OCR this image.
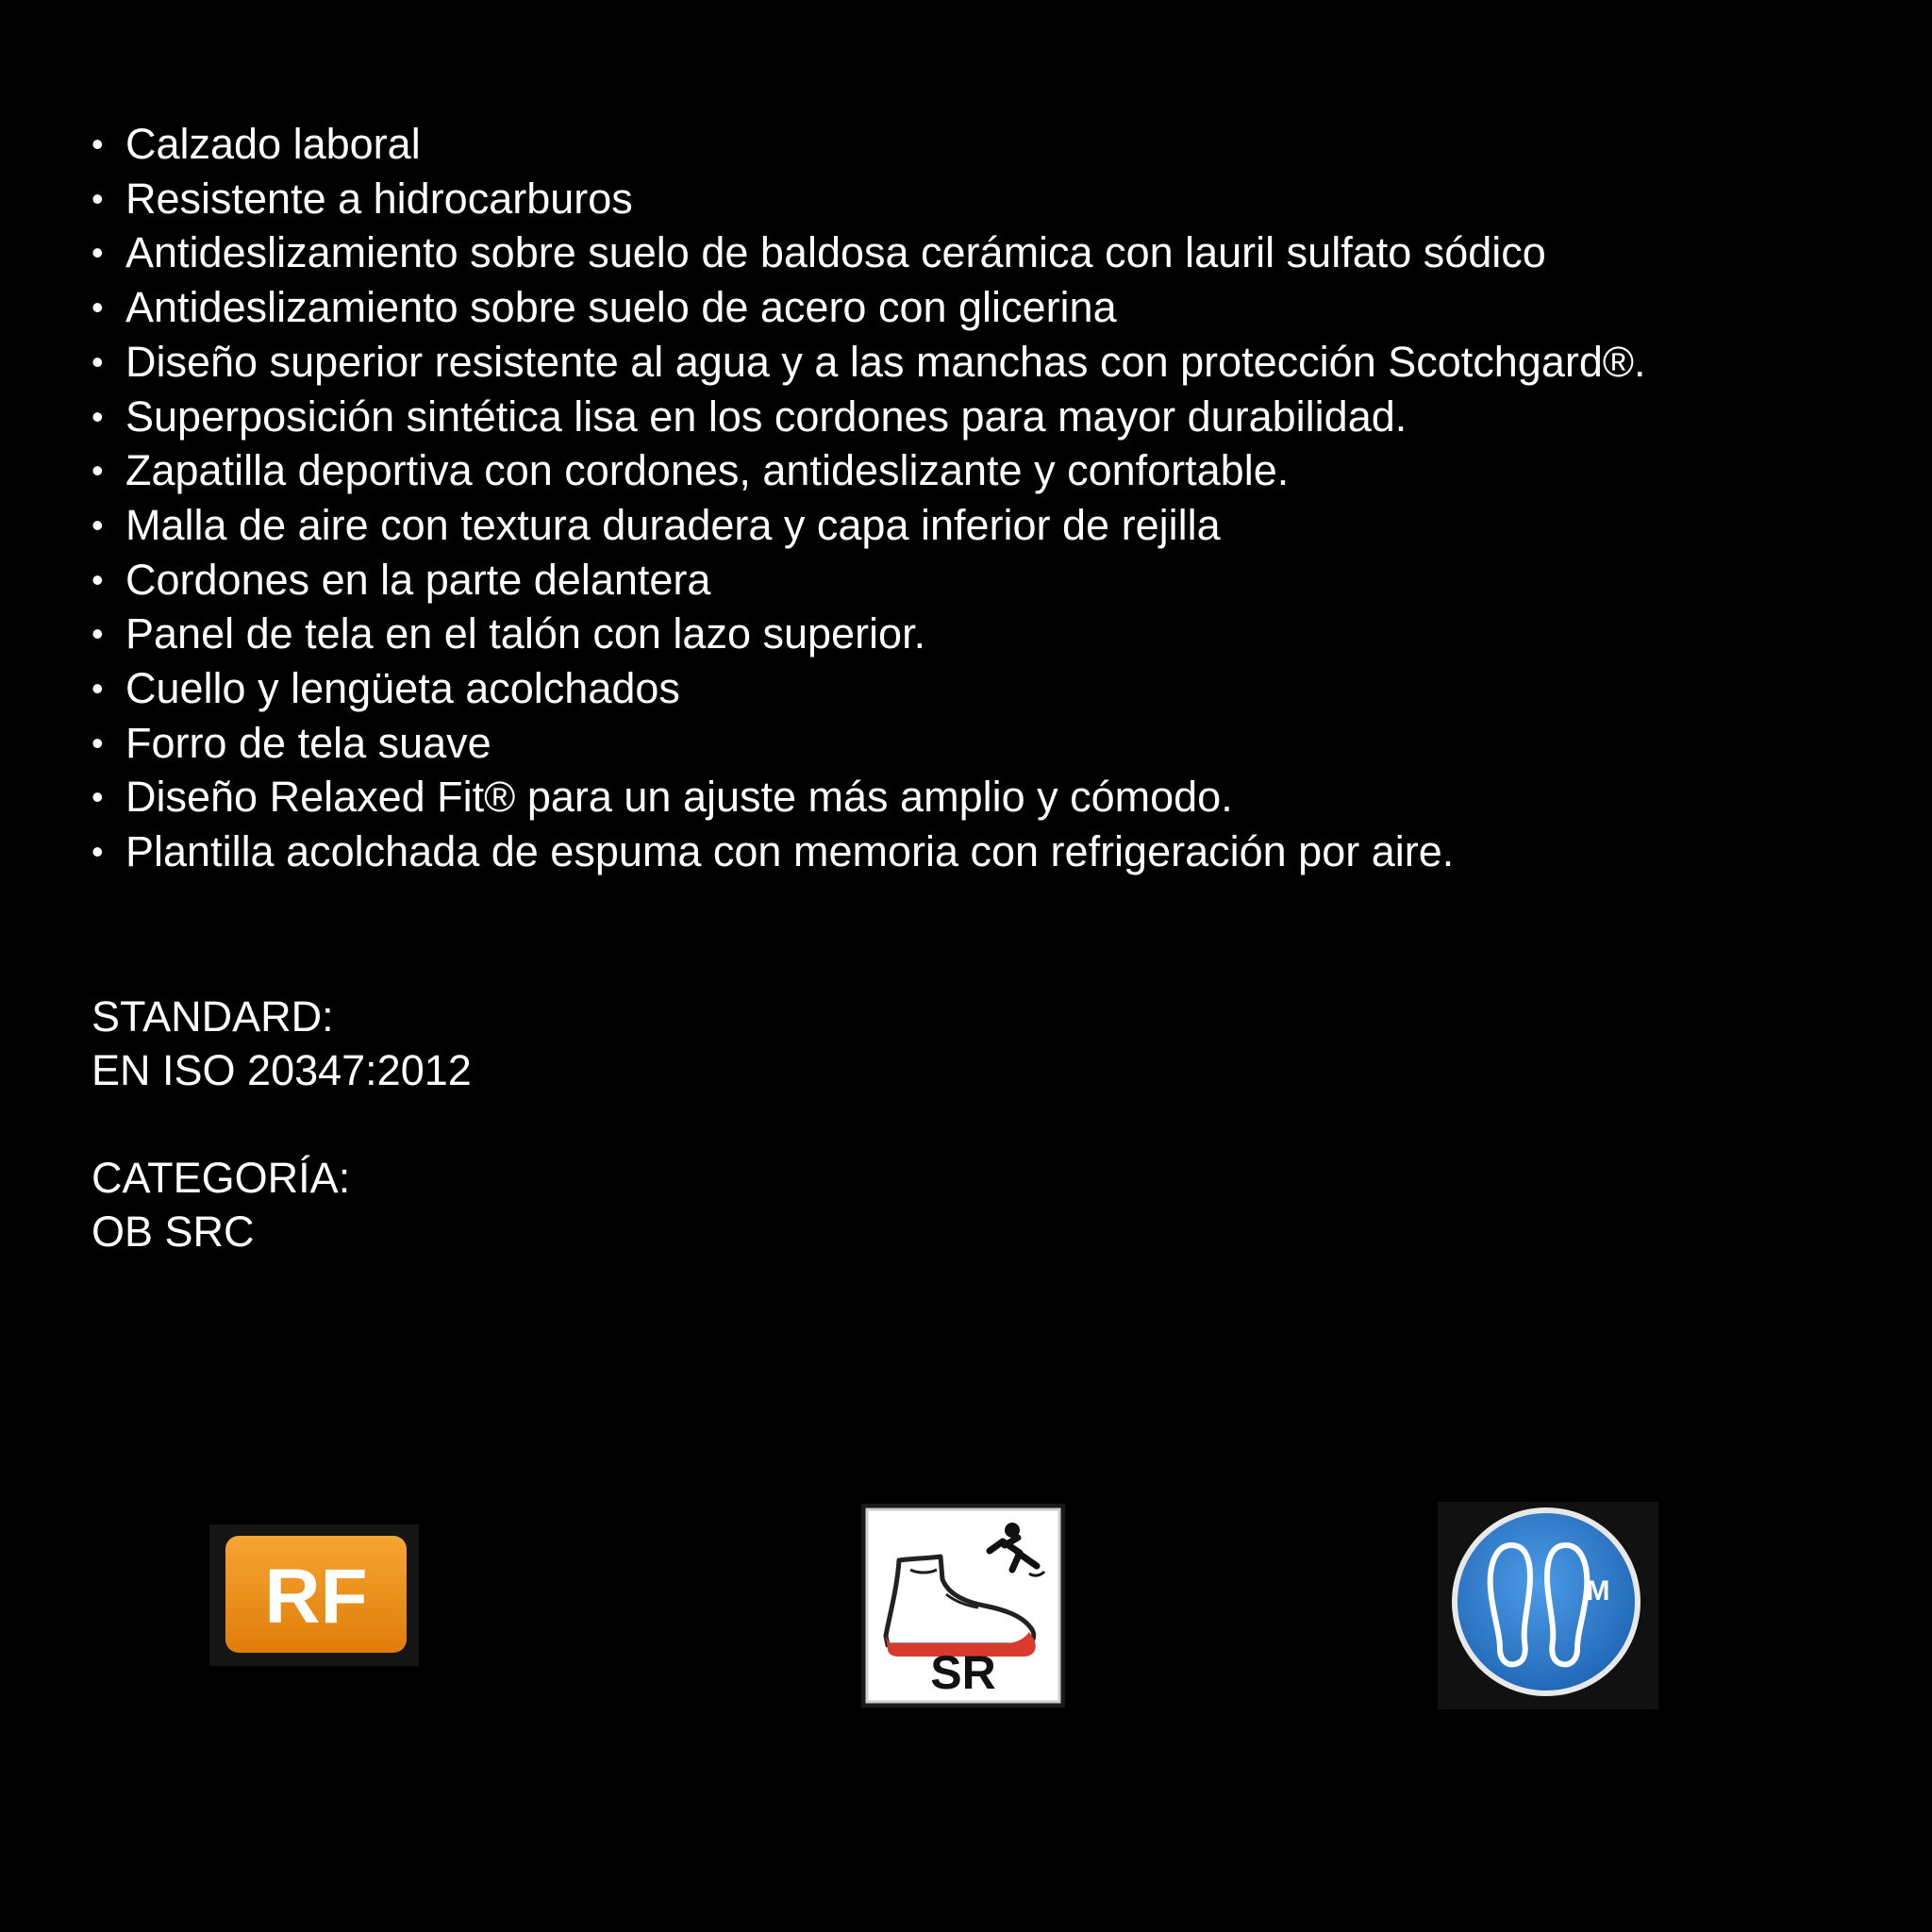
• Calzado laboral
• Resistente a hidrocarburos
• Antideslizamiento sobre suelo de baldosa cerámica con lauril sulfato sódico
• Antideslizamiento sobre suelo de acero con glicerina
• Diseño superior resistente al agua y a las manchas con protección Scotchgard®.
• Superposición sintética lisa en los cordones para mayor durabilidad.
• Zapatilla deportiva con cordones, antideslizante y confortable.
• Malla de aire con textura duradera y capa inferior de rejilla
• Cordones en la parte delantera
• Panel de tela en el talón con lazo superior.
• Cuello y lengüeta acolchados
• Forro de tela suave
• Diseño Relaxed Fit® para un ajuste más amplio y cómodo.
• Plantilla acolchada de espuma con memoria con refrigeración por aire.
STANDARD:
EN ISO 20347:2012
CATEGORÍA:
OB SRC
RF
SR
M
